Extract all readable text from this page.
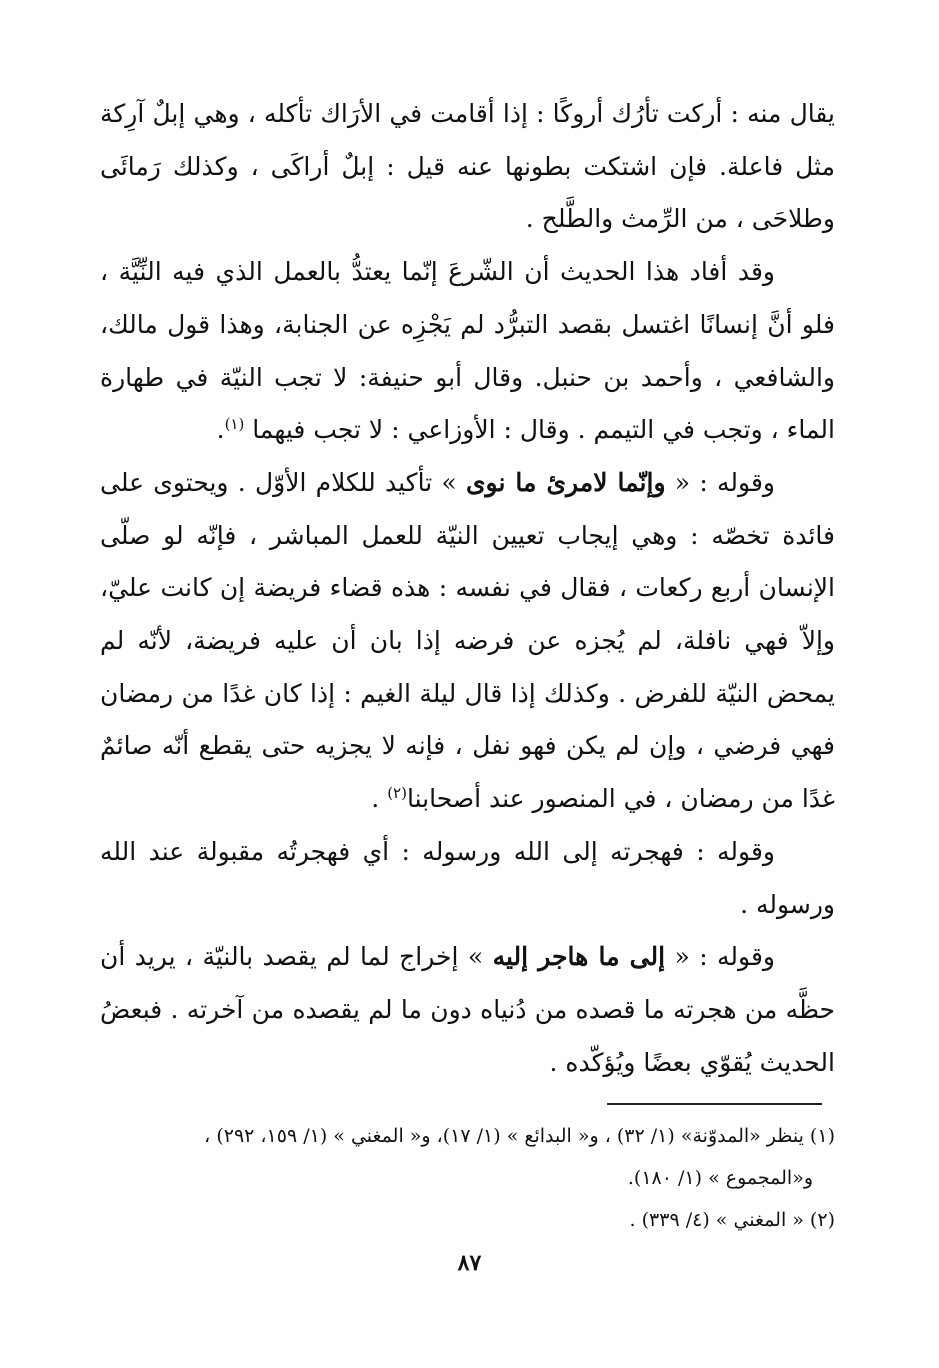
يقال منه : أركت تأرُك أروكًا : إذا أقامت في الأرَاك تأكله ، وهي إبلٌ آرِكة مثل فاعلة. فإن اشتكت بطونها عنه قيل : إبلٌ أراكَى ، وكذلك رَمائَى وطلاحَى ، من الرِّمث والطَّلح .

وقد أفاد هذا الحديث أن الشّرعَ إنّما يعتدُّ بالعمل الذي فيه النِّيَّة ، فلو أنَّ إنسانًا اغتسل بقصد التبرُّد لم يَجْزِه عن الجنابة، وهذا قول مالك، والشافعي ، وأحمد بن حنبل. وقال أبو حنيفة: لا تجب النيّة في طهارة الماء ، وتجب في التيمم . وقال : الأوزاعي : لا تجب فيهما $^{(١)}$.

وقوله : « وإنّما لامرئ ما نوى » تأكيد للكلام الأوّل . ويحتوى على فائدة تخصّه : وهي إيجاب تعيين النيّة للعمل المباشر ، فإنّه لو صلّى الإنسان أربع ركعات ، فقال في نفسه : هذه قضاء فريضة إن كانت عليّ، وإلاّ فهي نافلة، لم يُجزه عن فرضه إذا بان أن عليه فريضة، لأنّه لم يمحض النيّة للفرض . وكذلك إذا قال ليلة الغيم : إذا كان غدًا من رمضان فهي فرضي ، وإن لم يكن فهو نفل ، فإنه لا يجزيه حتى يقطع أنّه صائمٌ غدًا من رمضان ، في المنصور عند أصحابنا$^{(٢)}$ .

وقوله : فهجرته إلى الله ورسوله : أي فهجرتُه مقبولة عند الله ورسوله .

وقوله : « إلى ما هاجر إليه » إخراج لما لم يقصد بالنيّة ، يريد أن حظَّه من هجرته ما قصده من دُنياه دون ما لم يقصده من آخرته . فبعضُ الحديث يُقوّي بعضًا ويُؤكّده .

(١) ينظر «المدوّنة» (١/ ٣٢) ، و« البدائع » (١/ ١٧)، و« المغني » (١/ ١٥٩، ٢٩٢) ،

و«المجموع » (١/ ١٨٠).

(٢) « المغني » (٤/ ٣٣٩) .

٨٧
